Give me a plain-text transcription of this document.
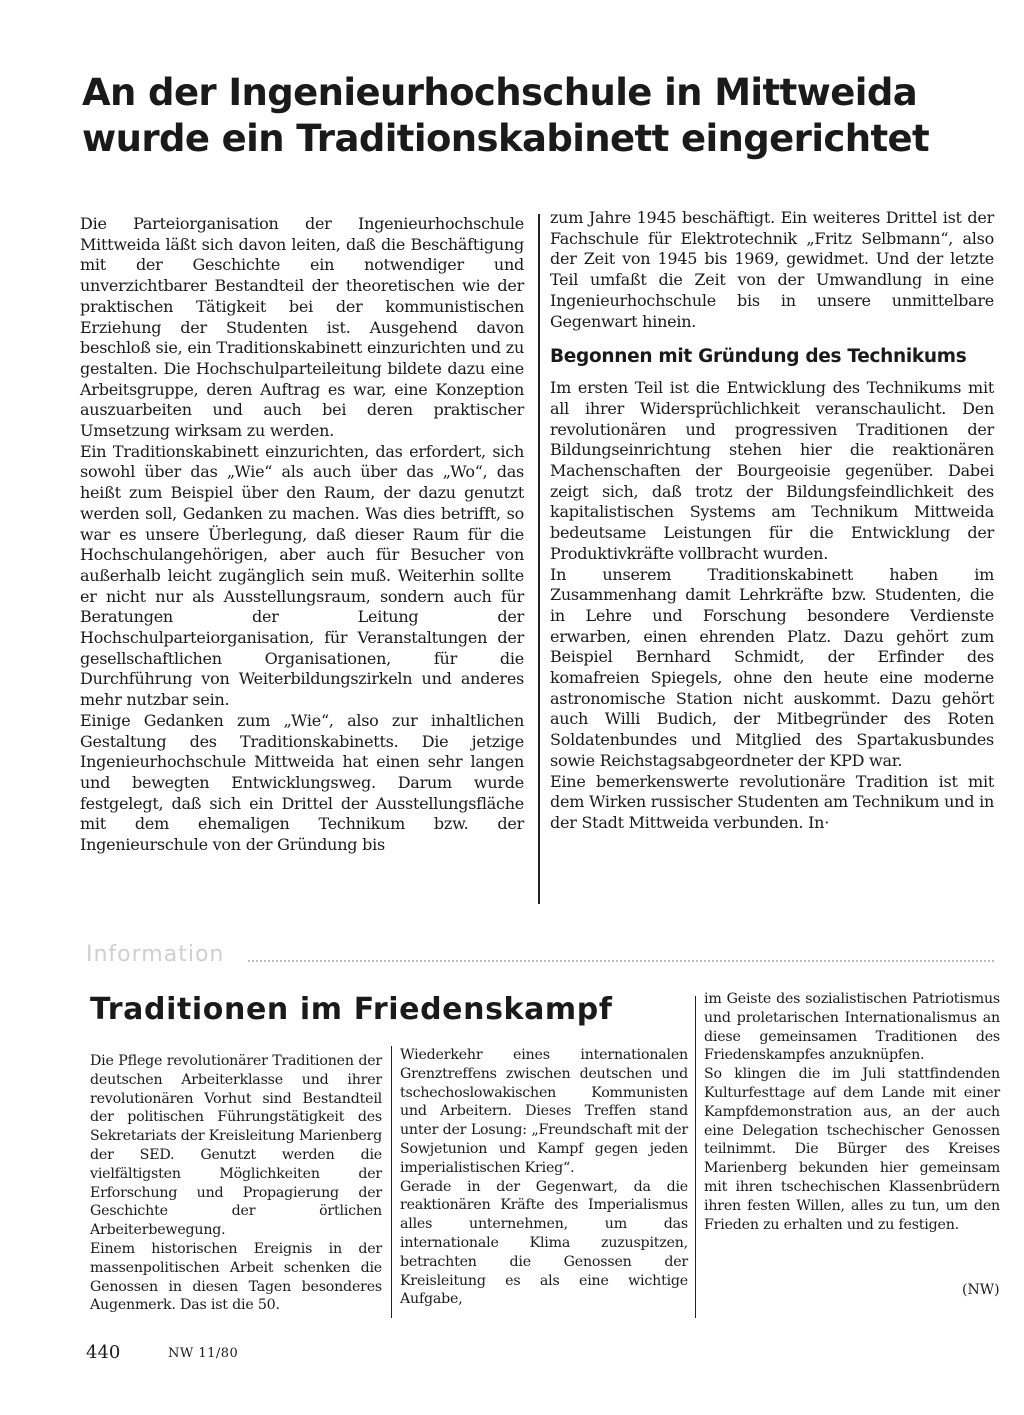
An der Ingenieurhochschule in Mittweida wurde ein Traditionskabinett eingerichtet

Die Parteiorganisation der Ingenieurhochschule Mittweida läßt sich davon leiten, daß die Beschäftigung mit der Geschichte ein notwendiger und unverzichtbarer Bestandteil der theoretischen wie der praktischen Tätigkeit bei der kommunistischen Erziehung der Studenten ist. Ausgehend davon beschloß sie, ein Traditionskabinett einzurichten und zu gestalten. Die Hochschulparteileitung bildete dazu eine Arbeitsgruppe, deren Auftrag es war, eine Konzeption auszuarbeiten und auch bei deren praktischer Umsetzung wirksam zu werden.

Ein Traditionskabinett einzurichten, das erfordert, sich sowohl über das „Wie“ als auch über das „Wo“, das heißt zum Beispiel über den Raum, der dazu genutzt werden soll, Gedanken zu machen. Was dies betrifft, so war es unsere Überlegung, daß dieser Raum für die Hochschulangehörigen, aber auch für Besucher von außerhalb leicht zugänglich sein muß. Weiterhin sollte er nicht nur als Ausstellungsraum, sondern auch für Beratungen der Leitung der Hochschulparteiorganisation, für Veranstaltungen der gesellschaftlichen Organisationen, für die Durchführung von Weiterbildungszirkeln und anderes mehr nutzbar sein.

Einige Gedanken zum „Wie“, also zur inhaltlichen Gestaltung des Traditionskabinetts. Die jetzige Ingenieurhochschule Mittweida hat einen sehr langen und bewegten Entwicklungsweg. Darum wurde festgelegt, daß sich ein Drittel der Ausstellungsfläche mit dem ehemaligen Technikum bzw. der Ingenieurschule von der Gründung bis

zum Jahre 1945 beschäftigt. Ein weiteres Drittel ist der Fachschule für Elektrotechnik „Fritz Selbmann“, also der Zeit von 1945 bis 1969, gewidmet. Und der letzte Teil umfaßt die Zeit von der Umwandlung in eine Ingenieurhochschule bis in unsere unmittelbare Gegenwart hinein.

Begonnen mit Gründung des Technikums

Im ersten Teil ist die Entwicklung des Technikums mit all ihrer Widersprüchlichkeit veranschaulicht. Den revolutionären und progressiven Traditionen der Bildungseinrichtung stehen hier die reaktionären Machenschaften der Bourgeoisie gegenüber. Dabei zeigt sich, daß trotz der Bildungsfeindlichkeit des kapitalistischen Systems am Technikum Mittweida bedeutsame Leistungen für die Entwicklung der Produktivkräfte vollbracht wurden.

In unserem Traditionskabinett haben im Zusammenhang damit Lehrkräfte bzw. Studenten, die in Lehre und Forschung besondere Verdienste erwarben, einen ehrenden Platz. Dazu gehört zum Beispiel Bernhard Schmidt, der Erfinder des komafreien Spiegels, ohne den heute eine moderne astronomische Station nicht auskommt. Dazu gehört auch Willi Budich, der Mitbegründer des Roten Soldatenbundes und Mitglied des Spartakusbundes sowie Reichstagsabgeordneter der KPD war.

Eine bemerkenswerte revolutionäre Tradition ist mit dem Wirken russischer Studenten am Technikum und in der Stadt Mittweida verbunden. In·

Information
Traditionen im Friedenskampf

Die Pflege revolutionärer Traditionen der deutschen Arbeiterklasse und ihrer revolutionären Vorhut sind Bestandteil der politischen Führungstätigkeit des Sekretariats der Kreisleitung Marienberg der SED. Genutzt werden die vielfältigsten Möglichkeiten der Erforschung und Propagierung der Geschichte der örtlichen Arbeiterbewegung.

Einem historischen Ereignis in der massenpolitischen Arbeit schenken die Genossen in diesen Tagen besonderes Augenmerk. Das ist die 50.

Wiederkehr eines internationalen Grenztreffens zwischen deutschen und tschechoslowakischen Kommunisten und Arbeitern. Dieses Treffen stand unter der Losung: „Freundschaft mit der Sowjetunion und Kampf gegen jeden imperialistischen Krieg“.

Gerade in der Gegenwart, da die reaktionären Kräfte des Imperialismus alles unternehmen, um das internationale Klima zuzuspitzen, betrachten die Genossen der Kreisleitung es als eine wichtige Aufgabe,

im Geiste des sozialistischen Patriotismus und proletarischen Internationalismus an diese gemeinsamen Traditionen des Friedenskampfes anzuknüpfen.

So klingen die im Juli stattfindenden Kulturfesttage auf dem Lande mit einer Kampfdemonstration aus, an der auch eine Delegation tschechischer Genossen teilnimmt. Die Bürger des Kreises Marienberg bekunden hier gemeinsam mit ihren tschechischen Klassenbrüdern ihren festen Willen, alles zu tun, um den Frieden zu erhalten und zu festigen.

(NW)
440	NW 11/80
